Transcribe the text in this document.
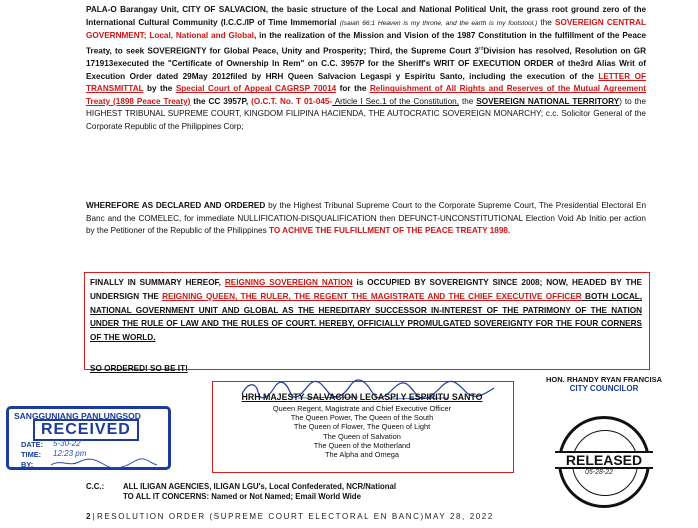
PALA-O Barangay Unit, CITY OF SALVACION, the basic structure of the Local and National Political Unit, the grass root ground zero of the International Cultural Community (I.C.C./IP of Time Immemorial (Isaiah 66:1 Heaven is my throne, and the earth is my footstool.) the SOVEREIGN CENTRAL GOVERNMENT; Local, National and Global, in the realization of the Mission and Vision of the 1987 Constitution in the fulfillment of the Peace Treaty, to seek SOVEREIGNTY for Global Peace, Unity and Prosperity; Third, the Supreme Court 3rdDivision has resolved, Resolution on GR 171913executed the "Certificate of Ownership In Rem" on C.C. 3957P for the Sheriff's WRIT OF EXECUTION ORDER of the3rd Alias Writ of Execution Order dated 29May 2012filed by HRH Queen Salvacion Legaspi y Espiritu Santo, including the execution of the LETTER OF TRANSMITTAL by the Special Court of Appeal CAGRSP 70014 for the Relinquishment of All Rights and Reserves of the Mutual Agreement Treaty (1898 Peace Treaty) the CC 3957P, (O.C.T. No. T 01-045- Article I Sec.1 of the Constitution, the SOVEREIGN NATIONAL TERRITORY) to the HIGHEST TRIBUNAL SUPREME COURT, KINGDOM FILIPINA HACIENDA, THE AUTOCRATIC SOVEREIGN MONARCHY; c.c. Solicitor General of the Corporate Republic of the Philippines Corp;
WHEREFORE AS DECLARED AND ORDERED by the Highest Tribunal Supreme Court to the Corporate Supreme Court, The Presidential Electoral En Banc and the COMELEC, for immediate NULLIFICATION-DISQUALIFICATION then DEFUNCT-UNCONSTITUTIONAL Election Void Ab Initio per action by the Petitioner of the Republic of the Philippines TO ACHIVE THE FULFILLMENT OF THE PEACE TREATY 1898.
FINALLY IN SUMMARY HEREOF, REIGNING SOVEREIGN NATION is OCCUPIED BY SOVEREIGNTY SINCE 2008; NOW, HEADED BY THE UNDERSIGN THE REIGNING QUEEN, THE RULER, THE REGENT THE MAGISTRATE AND THE CHIEF EXECUTIVE OFFICER BOTH LOCAL, NATIONAL GOVERNMENT UNIT AND GLOBAL AS THE HEREDITARY SUCCESSOR IN-INTEREST OF THE PATRIMONY OF THE NATION UNDER THE RULE OF LAW AND THE RULES OF COURT. HEREBY, OFFICIALLY PROMULGATED SOVEREIGNTY FOR THE FOUR CORNERS OF THE WORLD.
SO ORDERED! SO BE IT!
HRH MAJESTY SALVACION LEGASPI Y ESPIRITU SANTO
Queen Regent, Magistrate and Chief Executive Officer
The Queen Power, The Queen of the South
The Queen of Flower, The Queen of Light
The Queen of Salvation
The Queen of the Motherland
The Alpha and Omega
HON. RHANDY RYAN FRANCISA
CITY COUNCILOR
SANGGUNIANG PANLUNGSOD
RECEIVED
DATE: 5-30-22
TIME: 12:23 pm
BY:	RELEASED
05-28-22
C.C.: ALL ILIGAN AGENCIES, ILIGAN LGU's, Local Confederated, NCR/National
TO ALL IT CONCERNS: Named or Not Named; Email World Wide
2 | RESOLUTION ORDER (SUPREME COURT ELECTORAL EN BANC)MAY 28, 2022
